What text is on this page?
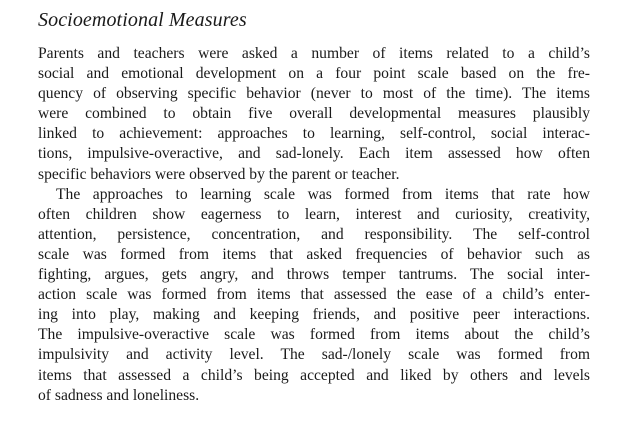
Socioemotional Measures
Parents and teachers were asked a number of items related to a child’s
social and emotional development on a four point scale based on the fre-
quency of observing specific behavior (never to most of the time). The items
were combined to obtain five overall developmental measures plausibly
linked to achievement: approaches to learning, self-control, social interac-
tions, impulsive-overactive, and sad-lonely. Each item assessed how often
specific behaviors were observed by the parent or teacher.
The approaches to learning scale was formed from items that rate how
often children show eagerness to learn, interest and curiosity, creativity,
attention, persistence, concentration, and responsibility. The self-control
scale was formed from items that asked frequencies of behavior such as
fighting, argues, gets angry, and throws temper tantrums. The social inter-
action scale was formed from items that assessed the ease of a child’s enter-
ing into play, making and keeping friends, and positive peer interactions.
The impulsive-overactive scale was formed from items about the child’s
impulsivity and activity level. The sad-/lonely scale was formed from
items that assessed a child’s being accepted and liked by others and levels
of sadness and loneliness.
